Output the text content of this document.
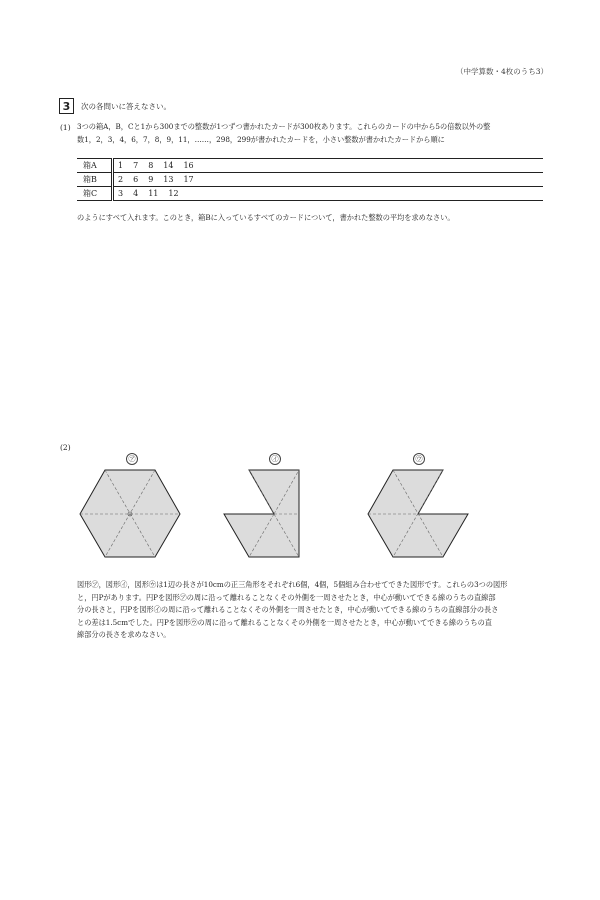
（中学算数・4枚のうち3）
3	次の各問いに答えなさい。
(1) 3つの箱A，B，Cと1から300までの整数が1つずつ書かれたカードが300枚あります。これらのカードの中から5の倍数以外の整

数1，2，3，4，6，7，8，9，11，……，298，299が書かれたカードを，小さい整数が書かれたカードから順に

箱A	1 7 8 14 16
箱B	2 6 9 13 17
箱C	3 4 11 12

のようにすべて入れます。このとき，箱Bに入っているすべてのカードについて，書かれた整数の平均を求めなさい。

(2)
㋐	㋑	㋒

図形㋐，図形㋑，図形㋒は1辺の長さが10cmの正三角形をそれぞれ6個，4個，5個組み合わせてできた図形です。これらの3つの図形

と，円Pがあります。円Pを図形㋐の周に沿って離れることなくその外側を一周させたとき，中心が動いてできる線のうちの直線部

分の長さと，円Pを図形㋑の周に沿って離れることなくその外側を一周させたとき，中心が動いてできる線のうちの直線部分の長さ

との差は1.5cmでした。円Pを図形㋒の周に沿って離れることなくその外側を一周させたとき，中心が動いてできる線のうちの直

線部分の長さを求めなさい。
